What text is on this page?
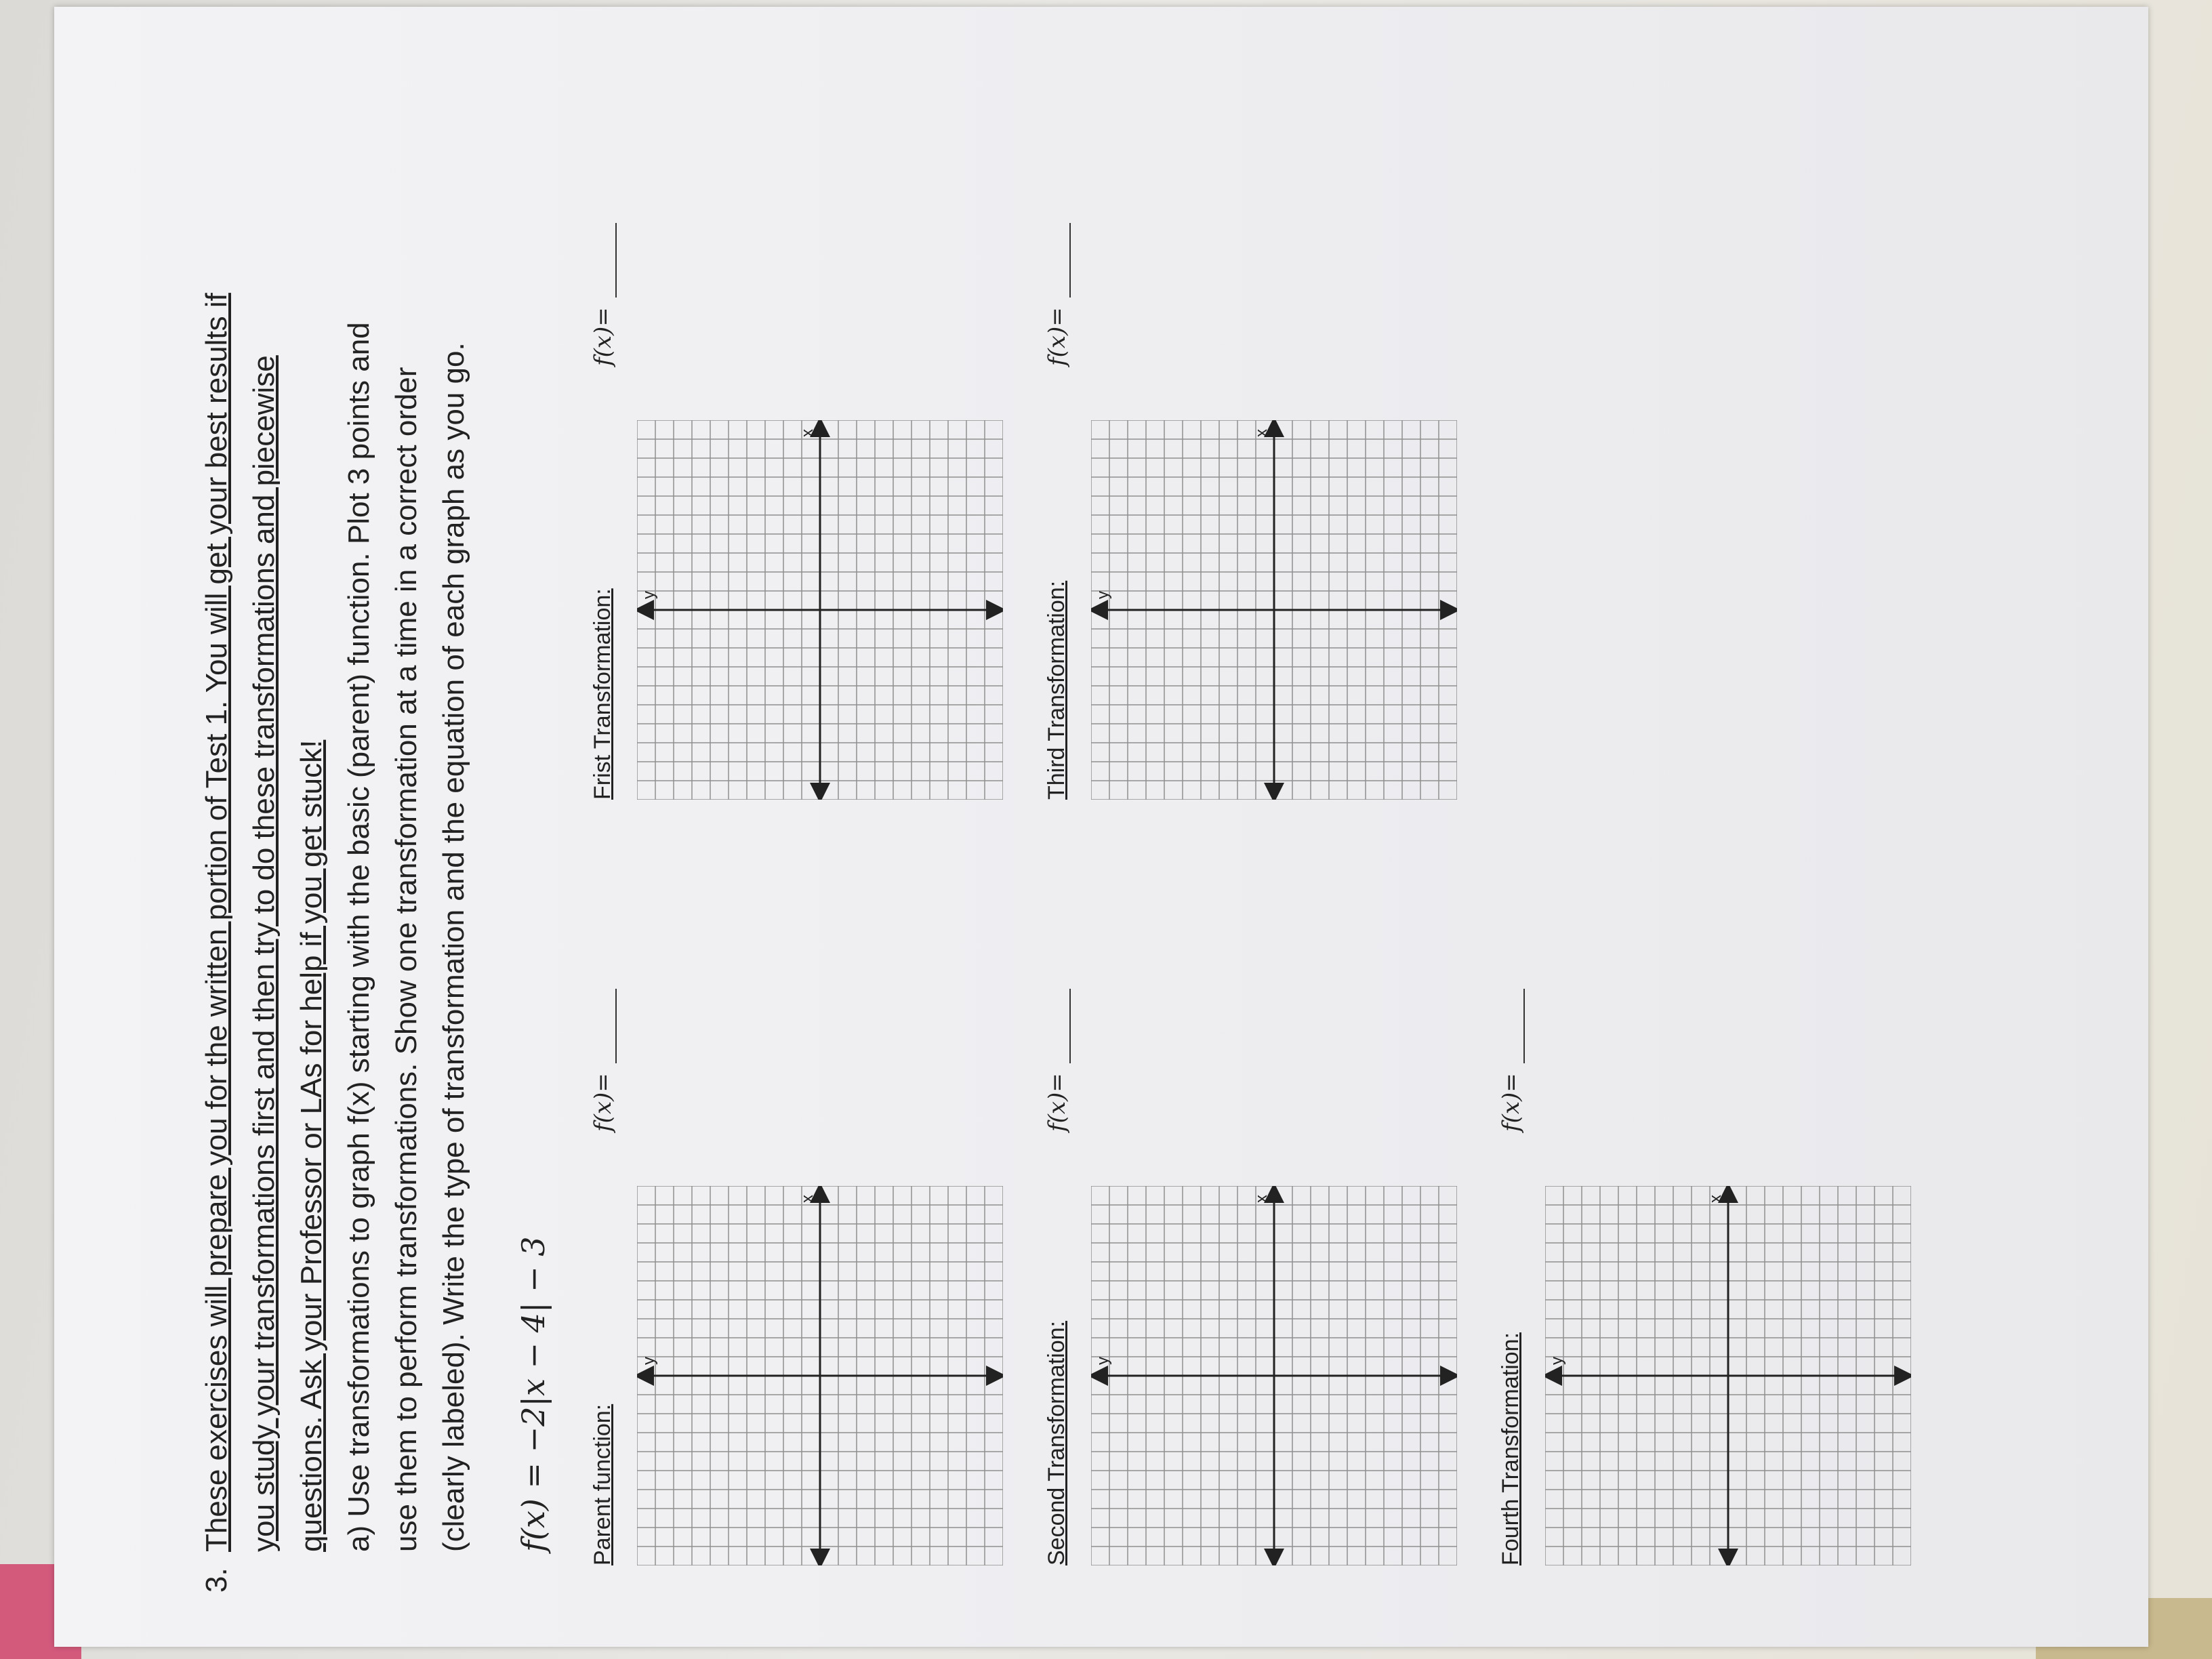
3.
These exercises will prepare you for the written portion of Test 1. You will get your best results if you study your transformations first and then try to do these transformations and piecewise questions. Ask your Professor or LAs for help if you get stuck! a) Use transformations to graph f(x) starting with the basic (parent) function. Plot 3 points and use them to perform transformations. Show one transformation at a time in a correct order (clearly labeled). Write the type of transformation and the equation of each graph as you go. f(x) = −2|x − 4| − 3 Parent function:
f(x)=
y
x
Frist Transformation:
f(x)=
y
x
Second Transformation:
f(x)=
y
x
Third Transformation:
f(x)=
y
x
Fourth Transformation:
f(x)=
y
x
